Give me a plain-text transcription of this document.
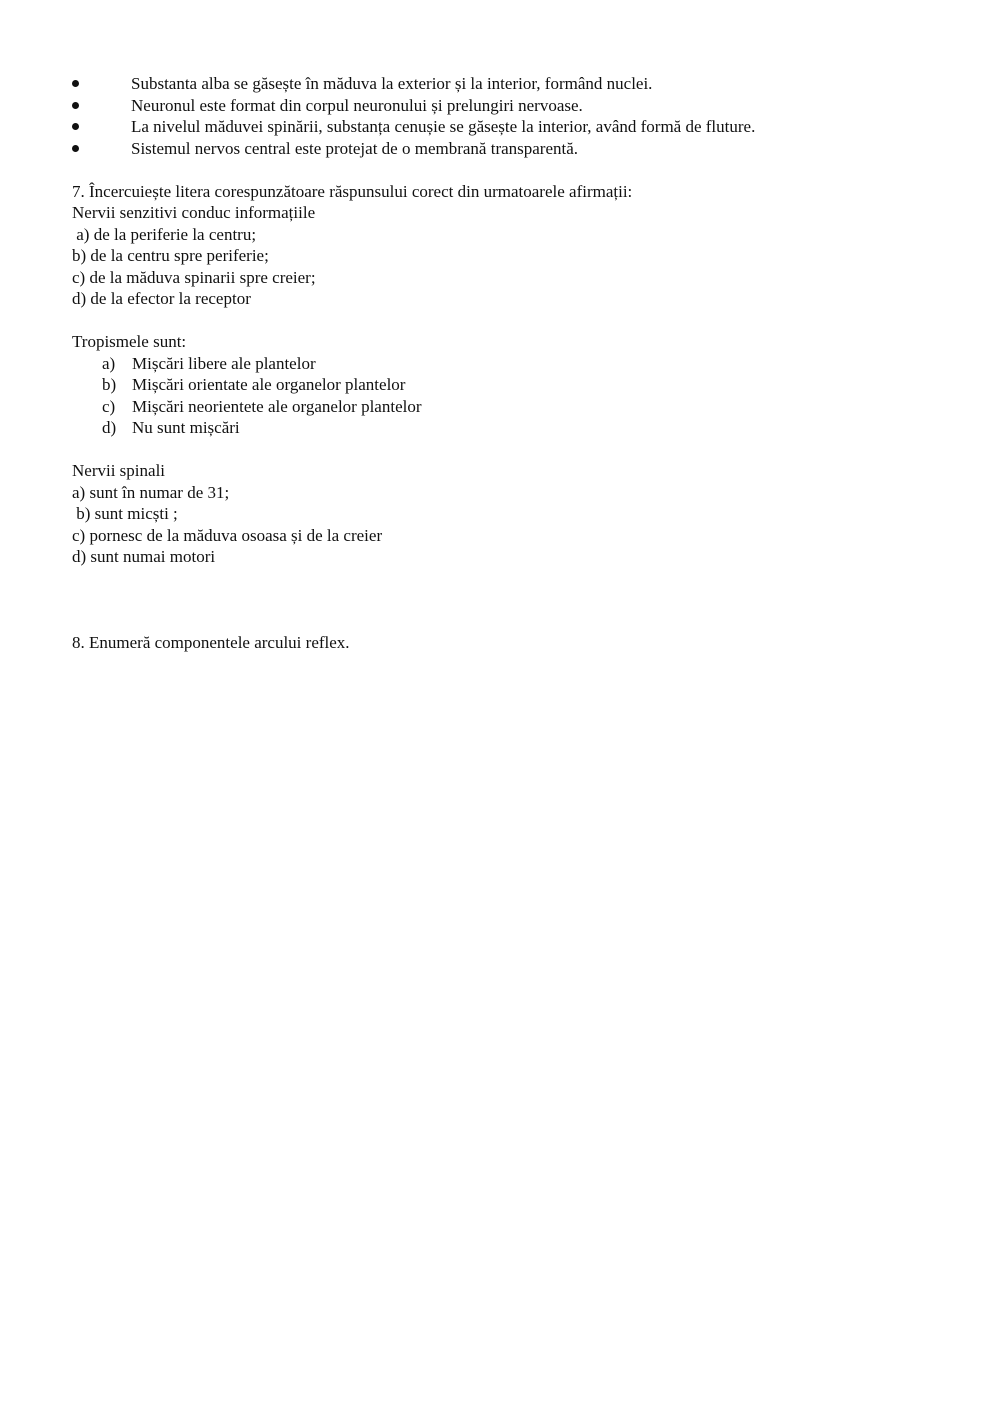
Substanta alba se găsește în măduva la exterior și la interior, formând nuclei.
Neuronul este format din corpul neuronului și prelungiri nervoase.
La nivelul măduvei spinării, substanța cenușie se găsește la interior, având formă de fluture.
Sistemul nervos central este protejat de o membrană transparentă.
7. Încercuiește litera corespunzătoare răspunsului corect din urmatoarele afirmații:
Nervii senzitivi conduc informațiile
a) de la periferie la centru;
b) de la centru spre periferie;
c) de la măduva spinarii spre creier;
d) de la efector la receptor
Tropismele sunt:
a) Mișcări libere ale plantelor
b) Mișcări orientate ale organelor plantelor
c) Mișcări neorientete ale organelor plantelor
d) Nu sunt mișcări
Nervii spinali
a) sunt în numar de 31;
b) sunt micști ;
c) pornesc de la măduva osoasa și de la creier
d) sunt numai motori
8. Enumeră componentele arcului reflex.
